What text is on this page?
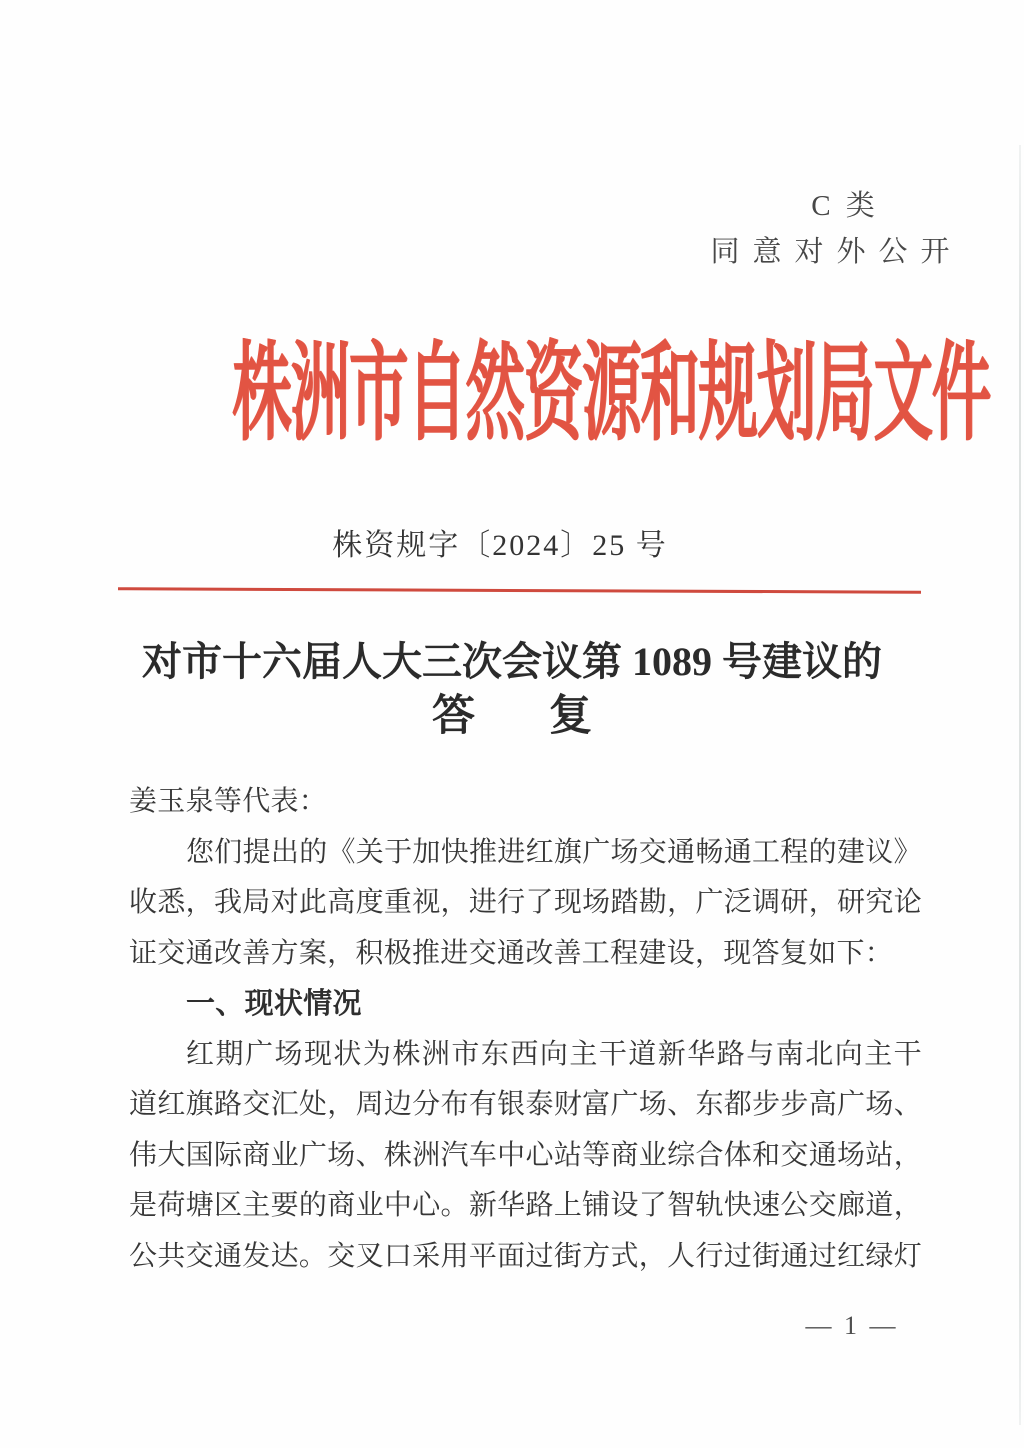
C 类
同意对外公开
株洲市自然资源和规划局文件
株资规字〔2024〕25 号
对市十六届人大三次会议第 1089 号建议的
答 复
姜玉泉等代表：
您们提出的《关于加快推进红旗广场交通畅通工程的建议》
收悉，我局对此高度重视，进行了现场踏勘，广泛调研，研究论
证交通改善方案，积极推进交通改善工程建设，现答复如下：
一、现状情况
红期广场现状为株洲市东西向主干道新华路与南北向主干
道红旗路交汇处，周边分布有银泰财富广场、东都步步高广场、
伟大国际商业广场、株洲汽车中心站等商业综合体和交通场站，
是荷塘区主要的商业中心。新华路上铺设了智轨快速公交廊道，
公共交通发达。交叉口采用平面过街方式，人行过街通过红绿灯
— 1 —
